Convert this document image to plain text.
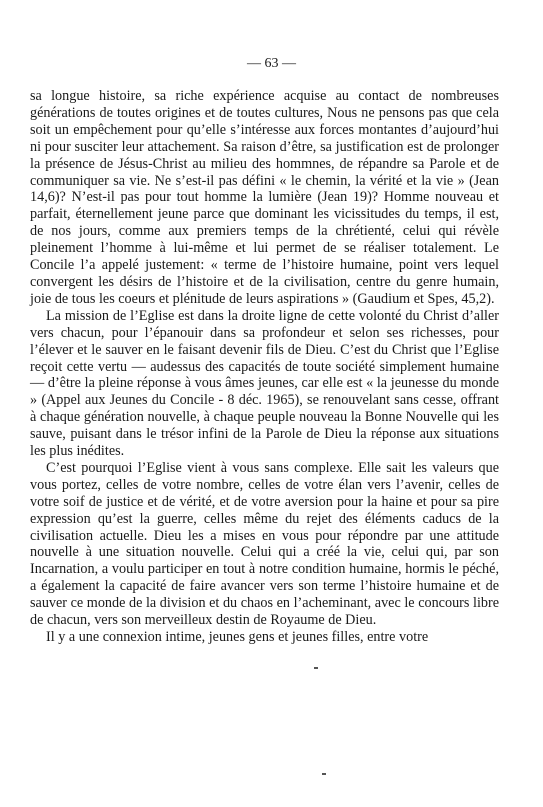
— 63 —

sa longue histoire, sa riche expérience acquise au contact de nombreuses générations de toutes origines et de toutes cultures, Nous ne pensons pas que cela soit un empêchement pour qu’elle s’intéresse aux forces montantes d’aujourd’hui ni pour susciter leur attachement. Sa raison d’être, sa justification est de prolonger la présence de Jésus-Christ au milieu des hommnes, de répandre sa Parole et de communiquer sa vie. Ne s’est-il pas défini « le chemin, la vérité et la vie » (Jean 14,6)? N’est-il pas pour tout homme la lumière (Jean 19)? Homme nouveau et parfait, éternellement jeune parce que dominant les vicissitudes du temps, il est, de nos jours, comme aux premiers temps de la chrétienté, celui qui révèle pleinement l’homme à lui-même et lui permet de se réaliser totalement. Le Concile l’a appelé justement: « terme de l’histoire humaine, point vers lequel convergent les désirs de l’histoire et de la civilisation, centre du genre humain, joie de tous les coeurs et plénitude de leurs aspirations » (Gaudium et Spes, 45,2).

La mission de l’Eglise est dans la droite ligne de cette volonté du Christ d’aller vers chacun, pour l’épanouir dans sa profondeur et selon ses richesses, pour l’élever et le sauver en le faisant devenir fils de Dieu. C’est du Christ que l’Eglise reçoit cette vertu — audessus des capacités de toute société simplement humaine — d’être la pleine réponse à vous âmes jeunes, car elle est « la jeunesse du monde » (Appel aux Jeunes du Concile - 8 déc. 1965), se renouvelant sans cesse, offrant à chaque génération nouvelle, à chaque peuple nouveau la Bonne Nouvelle qui les sauve, puisant dans le trésor infini de la Parole de Dieu la réponse aux situations les plus inédites.

C’est pourquoi l’Eglise vient à vous sans complexe. Elle sait les valeurs que vous portez, celles de votre nombre, celles de votre élan vers l’avenir, celles de votre soif de justice et de vérité, et de votre aversion pour la haine et pour sa pire expression qu’est la guerre, celles même du rejet des éléments caducs de la civilisation actuelle. Dieu les a mises en vous pour répondre par une attitude nouvelle à une situation nouvelle. Celui qui a créé la vie, celui qui, par son Incarnation, a voulu participer en tout à notre condition humaine, hormis le péché, a également la capacité de faire avancer vers son terme l’histoire humaine et de sauver ce monde de la division et du chaos en l’acheminant, avec le concours libre de chacun, vers son merveilleux destin de Royaume de Dieu.

Il y a une connexion intime, jeunes gens et jeunes filles, entre votre
